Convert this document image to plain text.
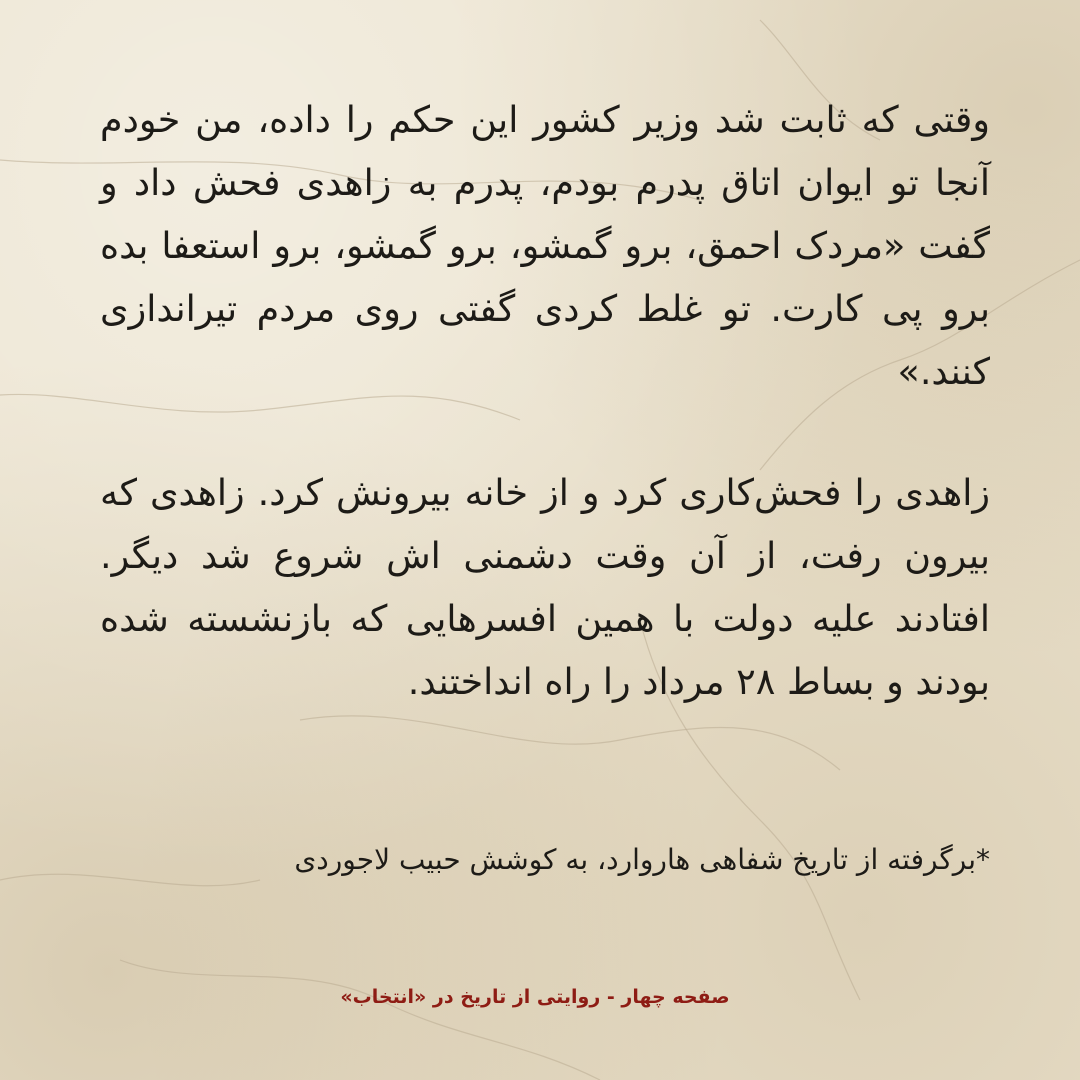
وقتی که ثابت شد وزیر کشور این حکم را داده، من خودم آنجا تو ایوان اتاق پدرم بودم، پدرم به زاهدی فحش داد و گفت «مردک احمق، برو گمشو، برو گمشو، برو استعفا بده برو پی کارت. تو غلط کردی گفتی روی مردم تیراندازی کنند.»

زاهدی را فحش‌کاری کرد و از خانه بیرونش کرد. زاهدی که بیرون رفت، از آن وقت دشمنی اش شروع شد دیگر. افتادند علیه دولت با همین افسرهایی که بازنشسته شده بودند و بساط ۲۸ مرداد را راه انداختند.

*برگرفته از تاریخ شفاهی هاروارد، به کوشش حبیب لاجوردی
صفحه چهار - روایتی از تاریخ در «انتخاب»
